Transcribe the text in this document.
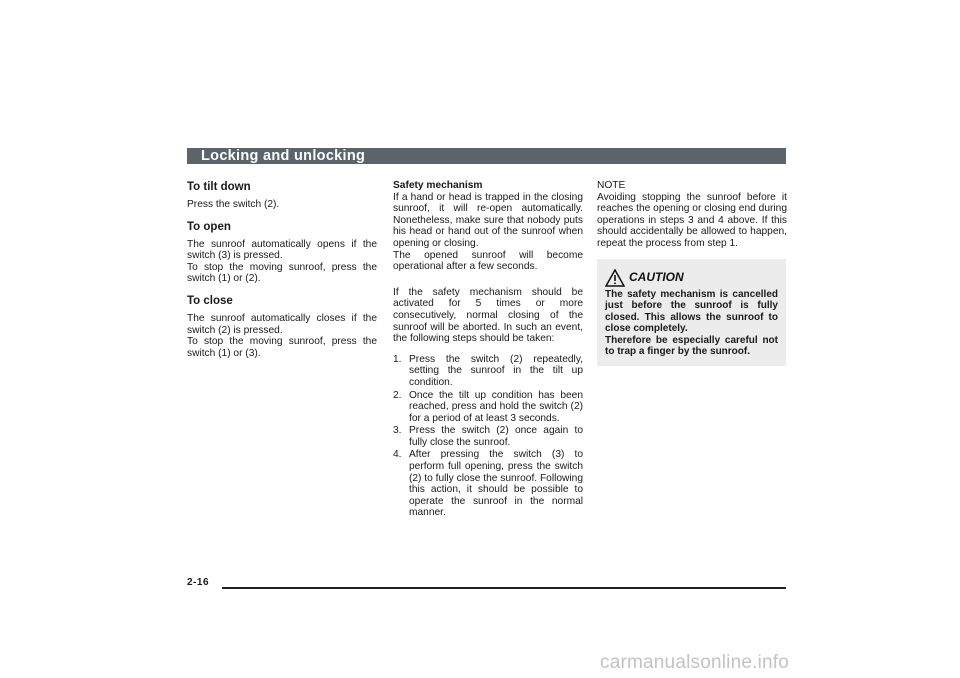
Locking and unlocking
To tilt down
Press the switch (2).
To open
The sunroof automatically opens if the switch (3) is pressed.
To stop the moving sunroof, press the switch (1) or (2).
To close
The sunroof automatically closes if the switch (2) is pressed.
To stop the moving sunroof, press the switch (1) or (3).
Safety mechanism
If a hand or head is trapped in the closing sunroof, it will re-open automatically. Nonetheless, make sure that nobody puts his head or hand out of the sunroof when opening or closing.
The opened sunroof will become operational after a few seconds.
If the safety mechanism should be activated for 5 times or more consecutively, normal closing of the sunroof will be aborted. In such an event, the following steps should be taken:
1. Press the switch (2) repeatedly, setting the sunroof in the tilt up condition.
2. Once the tilt up condition has been reached, press and hold the switch (2) for a period of at least 3 seconds.
3. Press the switch (2) once again to fully close the sunroof.
4. After pressing the switch (3) to perform full opening, press the switch (2) to fully close the sunroof. Following this action, it should be possible to operate the sunroof in the normal manner.
NOTE
Avoiding stopping the sunroof before it reaches the opening or closing end during operations in steps 3 and 4 above. If this should accidentally be allowed to happen, repeat the process from step 1.
CAUTION
The safety mechanism is cancelled just before the sunroof is fully closed. This allows the sunroof to close completely.
Therefore be especially careful not to trap a finger by the sunroof.
2-16
carmanualsonline.info
